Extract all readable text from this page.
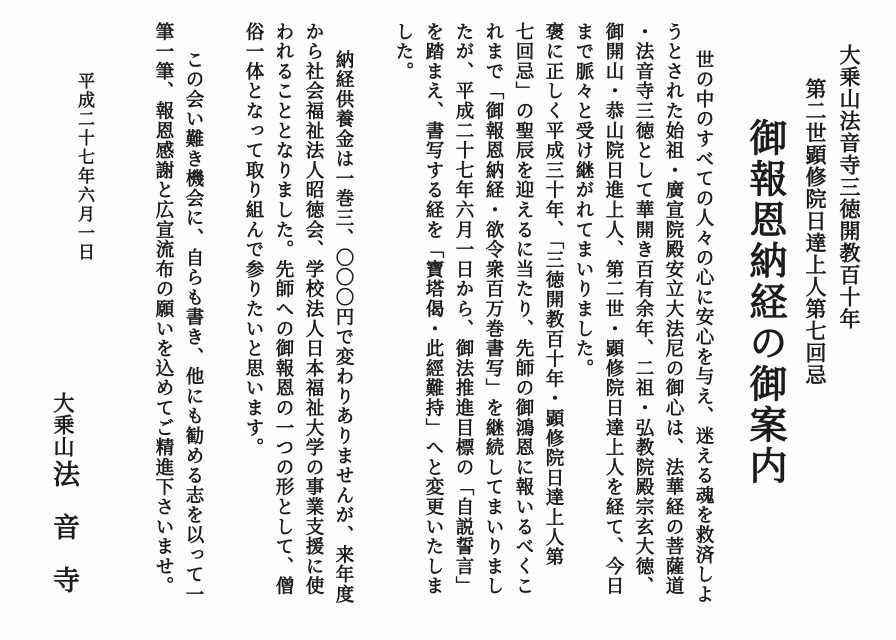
大乗山法音寺三徳開教百十年
第二世顕修院日達上人第七回忌
御報恩納経の御案内
世の中のすべての人々の心に安心を与え、迷える魂を救済しよ
うとされた始祖・廣宣院殿安立大法尼の御心は、法華経の菩薩道
・法音寺三徳として華開き百有余年、二祖・弘教院殿宗玄大徳、
御開山・恭山院日進上人、第二世・顕修院日達上人を経て、今日
まで脈々と受け継がれてまいりました。
褒に正しく平成三十年、「三徳開教百十年・顕修院日達上人第
七回忌」の聖辰を迎えるに当たり、先師の御鴻恩に報いるべくこ
れまで「御報恩納経・欲令衆百万巻書写」を継続してまいりまし
たが、平成二十七年六月一日から、御法推進目標の「自説誓言」
を踏まえ、書写する経を「寶塔偈・此經難持」へと変更いたしま
した。
納経供養金は一巻三、〇〇〇円で変わりありませんが、来年度
から社会福祉法人昭徳会、学校法人日本福祉大学の事業支援に使
われることとなりました。先師への御報恩の一つの形として、僧
俗一体となって取り組んで参りたいと思います。
この会い難き機会に、自らも書き、他にも勧める志を以って一
筆一筆、報恩感謝と広宣流布の願いを込めてご精進下さいませ。
平成二十七年六月一日
大乗山
法音寺
